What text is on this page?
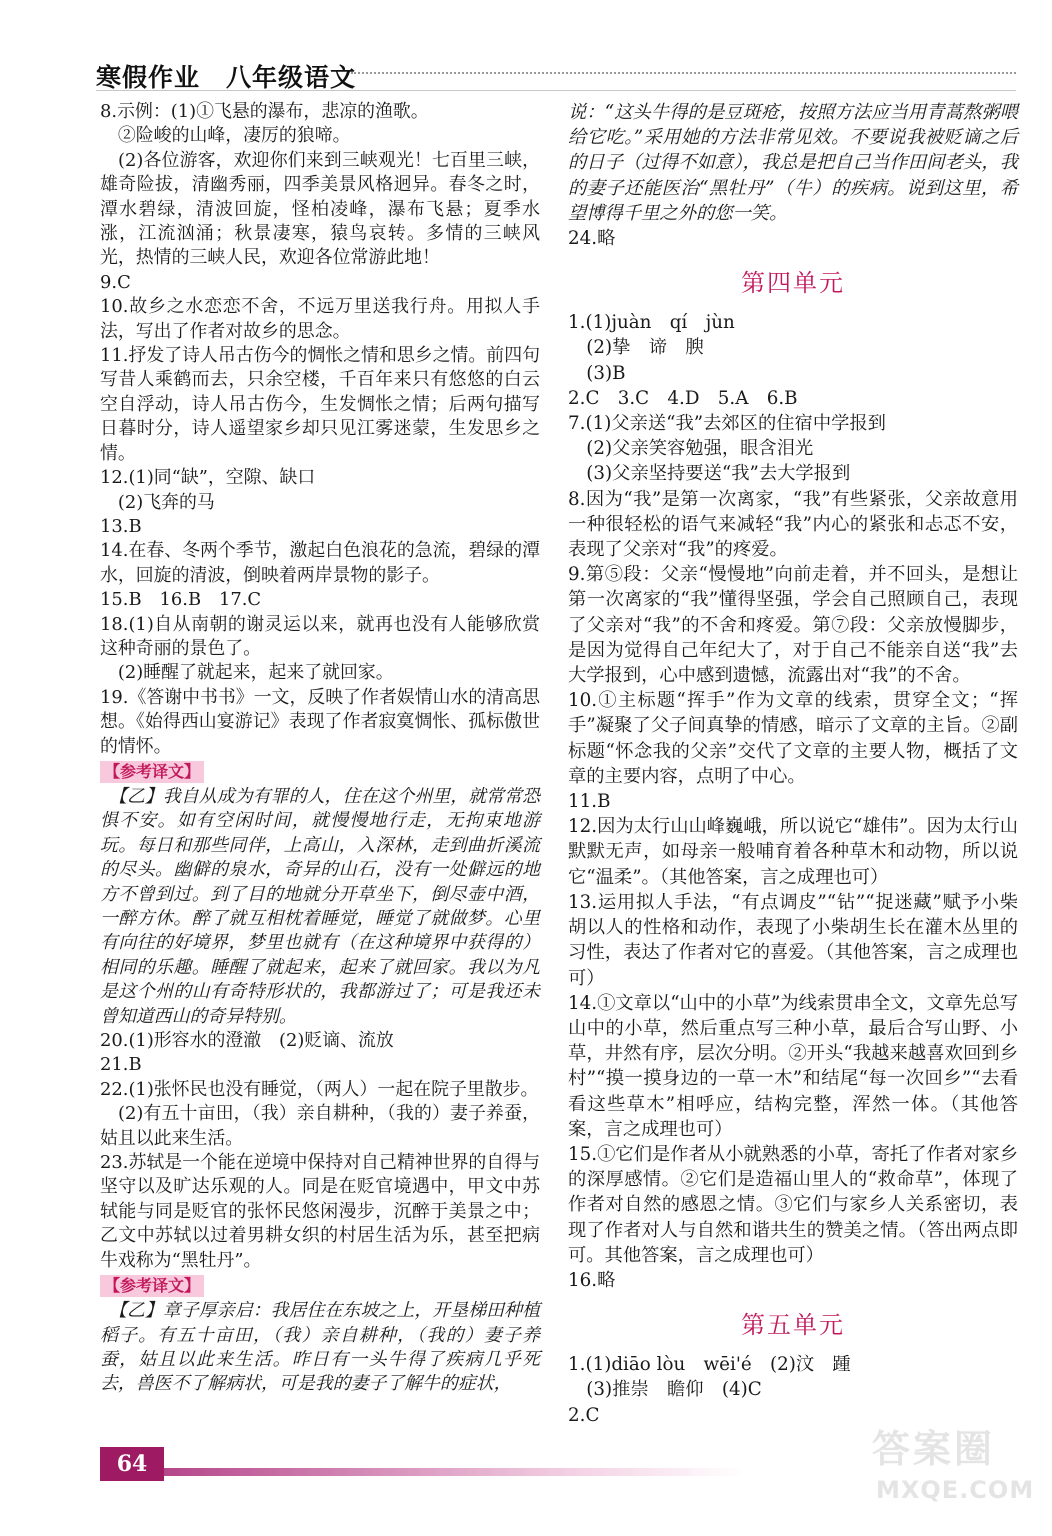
寒假作业　八年级语文
8.示例：(1)①飞悬的瀑布，悲凉的渔歌。
　②险峻的山峰，凄厉的狼啼。
　(2)各位游客，欢迎你们来到三峡观光！七百里三峡，雄奇险拔，清幽秀丽，四季美景风格迥异。春冬之时，潭水碧绿，清波回旋，怪柏凌峰，瀑布飞悬；夏季水涨，江流汹涌；秋景凄寒，猿鸟哀转。多情的三峡风光，热情的三峡人民，欢迎各位常游此地！
9.C
10.故乡之水恋恋不舍，不远万里送我行舟。用拟人手法，写出了作者对故乡的思念。
11.抒发了诗人吊古伤今的惆怅之情和思乡之情。前四句写昔人乘鹤而去，只余空楼，千百年来只有悠悠的白云空自浮动，诗人吊古伤今，生发惆怅之情；后两句描写日暮时分，诗人遥望家乡却只见江雾迷蒙，生发思乡之情。
12.(1)同“缺”，空隙、缺口
　(2)飞奔的马
13.B
14.在春、冬两个季节，激起白色浪花的急流，碧绿的潭水，回旋的清波，倒映着两岸景物的影子。
15.B　16.B　17.C
18.(1)自从南朝的谢灵运以来，就再也没有人能够欣赏这种奇丽的景色了。
　(2)睡醒了就起来，起来了就回家。
19.《答谢中书书》一文，反映了作者娱情山水的清高思想。《始得西山宴游记》表现了作者寂寞惆怅、孤标傲世的情怀。
【参考译文】
　【乙】我自从成为有罪的人，住在这个州里，就常常恐惧不安。如有空闲时间，就慢慢地行走，无拘束地游玩。每日和那些同伴，上高山，入深林，走到曲折溪流的尽头。幽僻的泉水，奇异的山石，没有一处僻远的地方不曾到过。到了目的地就分开草坐下，倒尽壶中酒，一醉方休。醉了就互相枕着睡觉，睡觉了就做梦。心里有向往的好境界，梦里也就有（在这种境界中获得的）相同的乐趣。睡醒了就起来，起来了就回家。我以为凡是这个州的山有奇特形状的，我都游过了；可是我还未曾知道西山的奇异特别。
20.(1)形容水的澄澈　(2)贬谪、流放
21.B
22.(1)张怀民也没有睡觉，（两人）一起在院子里散步。
　(2)有五十亩田，（我）亲自耕种，（我的）妻子养蚕，姑且以此来生活。
23.苏轼是一个能在逆境中保持对自己精神世界的自得与坚守以及旷达乐观的人。同是在贬官境遇中，甲文中苏轼能与同是贬官的张怀民悠闲漫步，沉醉于美景之中；乙文中苏轼以过着男耕女织的村居生活为乐，甚至把病牛戏称为“黑牡丹”。
【参考译文】
　【乙】章子厚亲启：我居住在东坡之上，开垦梯田种植稻子。有五十亩田，（我）亲自耕种，（我的）妻子养蚕，姑且以此来生活。昨日有一头牛得了疾病几乎死去，兽医不了解病状，可是我的妻子了解牛的症状，
说：“这头牛得的是豆斑疮，按照方法应当用青蒿熬粥喂给它吃。”采用她的方法非常见效。不要说我被贬谪之后的日子（过得不如意），我总是把自己当作田间老头，我的妻子还能医治“黑牡丹”（牛）的疾病。说到这里，希望博得千里之外的您一笑。
24.略
第四单元
1.(1)juàn　qí　jùn
　(2)挚　谛　腴
　(3)B
2.C　3.C　4.D　5.A　6.B
7.(1)父亲送“我”去郊区的住宿中学报到
　(2)父亲笑容勉强，眼含泪光
　(3)父亲坚持要送“我”去大学报到
8.因为“我”是第一次离家，“我”有些紧张，父亲故意用一种很轻松的语气来减轻“我”内心的紧张和忐忑不安，表现了父亲对“我”的疼爱。
9.第⑤段：父亲“慢慢地”向前走着，并不回头，是想让第一次离家的“我”懂得坚强，学会自己照顾自己，表现了父亲对“我”的不舍和疼爱。第⑦段：父亲放慢脚步，是因为觉得自己年纪大了，对于自己不能亲自送“我”去大学报到，心中感到遗憾，流露出对“我”的不舍。
10.①主标题“挥手”作为文章的线索，贯穿全文；“挥手”凝聚了父子间真挚的情感，暗示了文章的主旨。②副标题“怀念我的父亲”交代了文章的主要人物，概括了文章的主要内容，点明了中心。
11.B
12.因为太行山山峰巍峨，所以说它“雄伟”。因为太行山默默无声，如母亲一般哺育着各种草木和动物，所以说它“温柔”。（其他答案，言之成理也可）
13.运用拟人手法，“有点调皮”“钻”“捉迷藏”赋予小柴胡以人的性格和动作，表现了小柴胡生长在灌木丛里的习性，表达了作者对它的喜爱。（其他答案，言之成理也可）
14.①文章以“山中的小草”为线索贯串全文，文章先总写山中的小草，然后重点写三种小草，最后合写山野、小草，井然有序，层次分明。②开头“我越来越喜欢回到乡村”“摸一摸身边的一草一木”和结尾“每一次回乡”“去看看这些草木”相呼应，结构完整，浑然一体。（其他答案，言之成理也可）
15.①它们是作者从小就熟悉的小草，寄托了作者对家乡的深厚感情。②它们是造福山里人的“救命草”，体现了作者对自然的感恩之情。③它们与家乡人关系密切，表现了作者对人与自然和谐共生的赞美之情。（答出两点即可。其他答案，言之成理也可）
16.略
第五单元
1.(1)diāo lòu　wēi'é　(2)汶　踵
　(3)推崇　瞻仰　(4)C
2.C
64	答案圈
MXQE.COM
